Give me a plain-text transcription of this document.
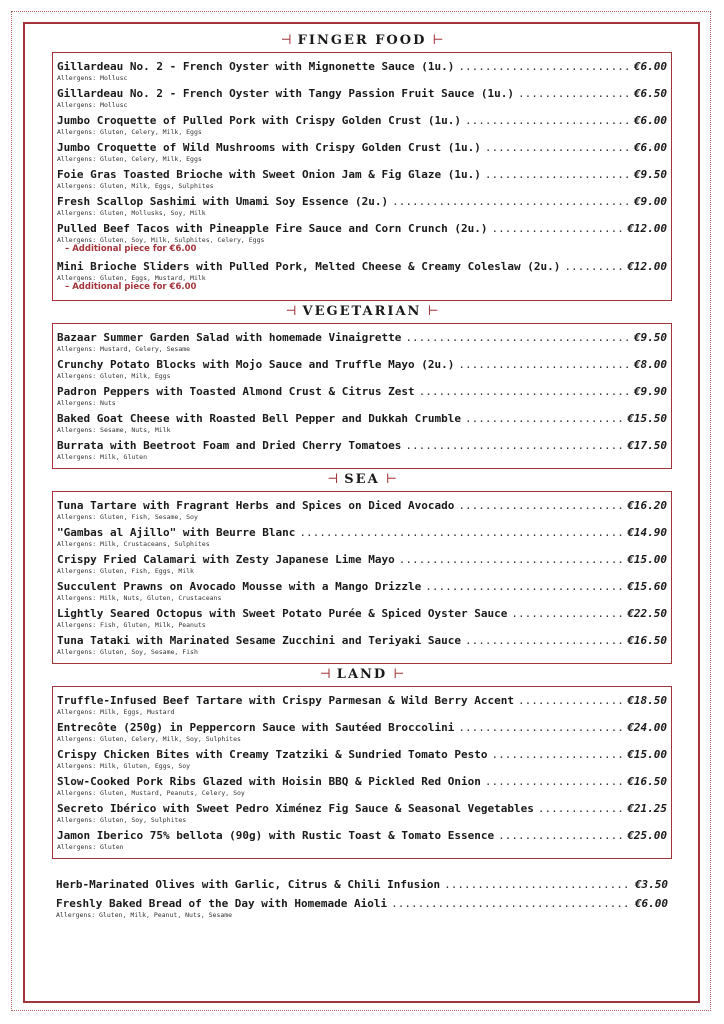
⊣ FINGER FOOD ⊢
Gillardeau No. 2 - French Oyster with Mignonette Sauce (1u.) .....	€6.00
Allergens: Mollusc
Gillardeau No. 2 - French Oyster with Tangy Passion Fruit Sauce (1u.) .....	€6.50
Allergens: Mollusc
Jumbo Croquette of Pulled Pork with Crispy Golden Crust (1u.) .....	€6.00
Allergens: Gluten, Celery, Milk, Eggs
Jumbo Croquette of Wild Mushrooms with Crispy Golden Crust (1u.) .....	€6.00
Allergens: Gluten, Celery, Milk, Eggs
Foie Gras Toasted Brioche with Sweet Onion Jam & Fig Glaze (1u.) .....	€9.50
Allergens: Gluten, Milk, Eggs, Sulphites
Fresh Scallop Sashimi with Umami Soy Essence (2u.) .....	€9.00
Allergens: Gluten, Mollusks, Soy, Milk
Pulled Beef Tacos with Pineapple Fire Sauce and Corn Crunch (2u.) .....	€12.00
Allergens: Gluten, Soy, Milk, Sulphites, Celery, Eggs
– Additional piece for €6.00
Mini Brioche Sliders with Pulled Pork, Melted Cheese & Creamy Coleslaw (2u.) .....	€12.00
Allergens: Gluten, Eggs, Mustard, Milk
– Additional piece for €6.00
⊣ VEGETARIAN ⊢
Bazaar Summer Garden Salad with homemade Vinaigrette .....	€9.50
Allergens: Mustard, Celery, Sesame
Crunchy Potato Blocks with Mojo Sauce and Truffle Mayo (2u.) .....	€8.00
Allergens: Gluten, Milk, Eggs
Padron Peppers with Toasted Almond Crust & Citrus Zest .....	€9.90
Allergens: Nuts
Baked Goat Cheese with Roasted Bell Pepper and Dukkah Crumble .....	€15.50
Allergens: Sesame, Nuts, Milk
Burrata with Beetroot Foam and Dried Cherry Tomatoes .....	€17.50
Allergens: Milk, Gluten
⊣ SEA ⊢
Tuna Tartare with Fragrant Herbs and Spices on Diced Avocado .....	€16.20
Allergens: Gluten, Fish, Sesame, Soy
"Gambas al Ajillo" with Beurre Blanc .....	€14.90
Allergens: Milk, Crustaceans, Sulphites
Crispy Fried Calamari with Zesty Japanese Lime Mayo .....	€15.00
Allergens: Gluten, Fish, Eggs, Milk
Succulent Prawns on Avocado Mousse with a Mango Drizzle .....	€15.60
Allergens: Milk, Nuts, Gluten, Crustaceans
Lightly Seared Octopus with Sweet Potato Purée & Spiced Oyster Sauce .....	€22.50
Allergens: Fish, Gluten, Milk, Peanuts
Tuna Tataki with Marinated Sesame Zucchini and Teriyaki Sauce .....	€16.50
Allergens: Gluten, Soy, Sesame, Fish
⊣ LAND ⊢
Truffle-Infused Beef Tartare with Crispy Parmesan & Wild Berry Accent .....	€18.50
Allergens: Milk, Eggs, Mustard
Entrecôte (250g) in Peppercorn Sauce with Sautéed Broccolini .....	€24.00
Allergens: Gluten, Celery, Milk, Soy, Sulphites
Crispy Chicken Bites with Creamy Tzatziki & Sundried Tomato Pesto .....	€15.00
Allergens: Milk, Gluten, Eggs, Soy
Slow-Cooked Pork Ribs Glazed with Hoisin BBQ & Pickled Red Onion .....	€16.50
Allergens: Gluten, Mustard, Peanuts, Celery, Soy
Secreto Ibérico with Sweet Pedro Ximénez Fig Sauce & Seasonal Vegetables .....	€21.25
Allergens: Gluten, Soy, Sulphites
Jamon Iberico 75% bellota (90g) with Rustic Toast & Tomato Essence .....	€25.00
Allergens: Gluten
Herb-Marinated Olives with Garlic, Citrus & Chili Infusion .....	€3.50
Freshly Baked Bread of the Day with Homemade Aioli .....	€6.00
Allergens: Gluten, Milk, Peanut, Nuts, Sesame
